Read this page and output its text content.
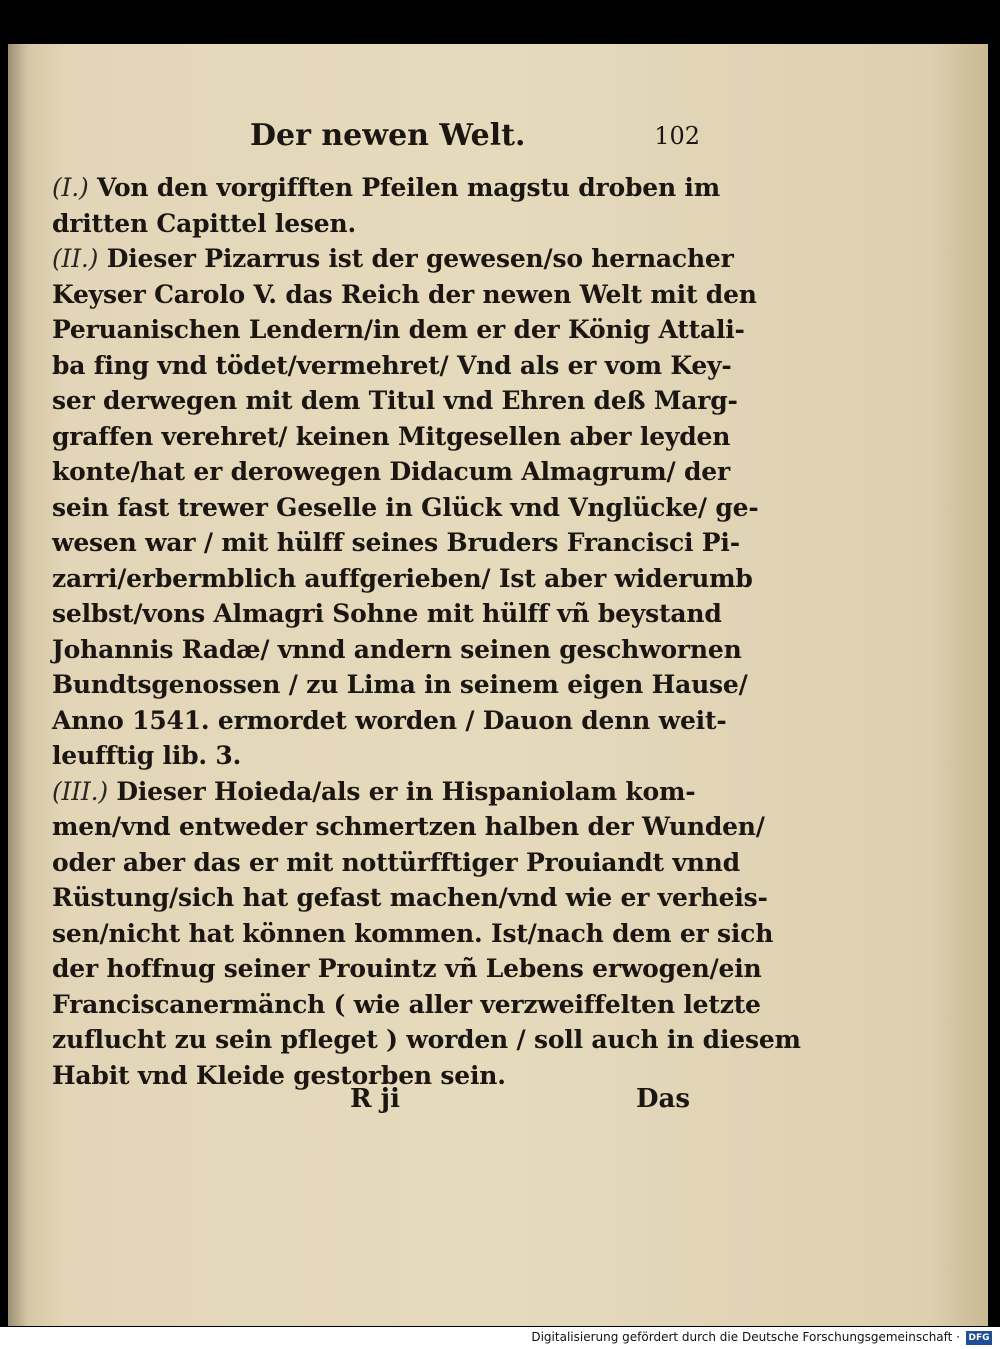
Der newen Welt.	102
(I.) Von den vorgifften Pfeilen magstu droben im
dritten Capittel lesen.
(II.) Dieser Pizarrus ist der gewesen/so hernacher
Keyser Carolo V. das Reich der newen Welt mit den
Peruanischen Lendern/in dem er der König Attali-
ba fing vnd tödet/vermehret/ Vnd als er vom Key-
ser derwegen mit dem Titul vnd Ehren deß Marg-
graffen verehret/ keinen Mitgesellen aber leyden
konte/hat er derowegen Didacum Almagrum/ der
sein fast trewer Geselle in Glück vnd Vnglücke/ ge-
wesen war / mit hülff seines Bruders Francisci Pi-
zarri/erbermblich auffgerieben/ Ist aber widerumb
selbst/vons Almagri Sohne mit hülff vñ beystand
Johannis Radæ/ vnnd andern seinen geschwornen
Bundtsgenossen / zu Lima in seinem eigen Hause/
Anno 1541. ermordet worden / Dauon denn weit-
leufftig lib. 3.
(III.) Dieser Hoieda/als er in Hispaniolam kom-
men/vnd entweder schmertzen halben der Wunden/
oder aber das er mit nottürfftiger Prouiandt vnnd
Rüstung/sich hat gefast machen/vnd wie er verheis-
sen/nicht hat können kommen. Ist/nach dem er sich
der hoffnug seiner Prouintz vñ Lebens erwogen/ein
Franciscanermänch ( wie aller verzweiffelten letzte
zuflucht zu sein pfleget ) worden / soll auch in diesem
Habit vnd Kleide gestorben sein.
R ji	Das
Digitalisierung gefördert durch die Deutsche Forschungsgemeinschaft · DFG
